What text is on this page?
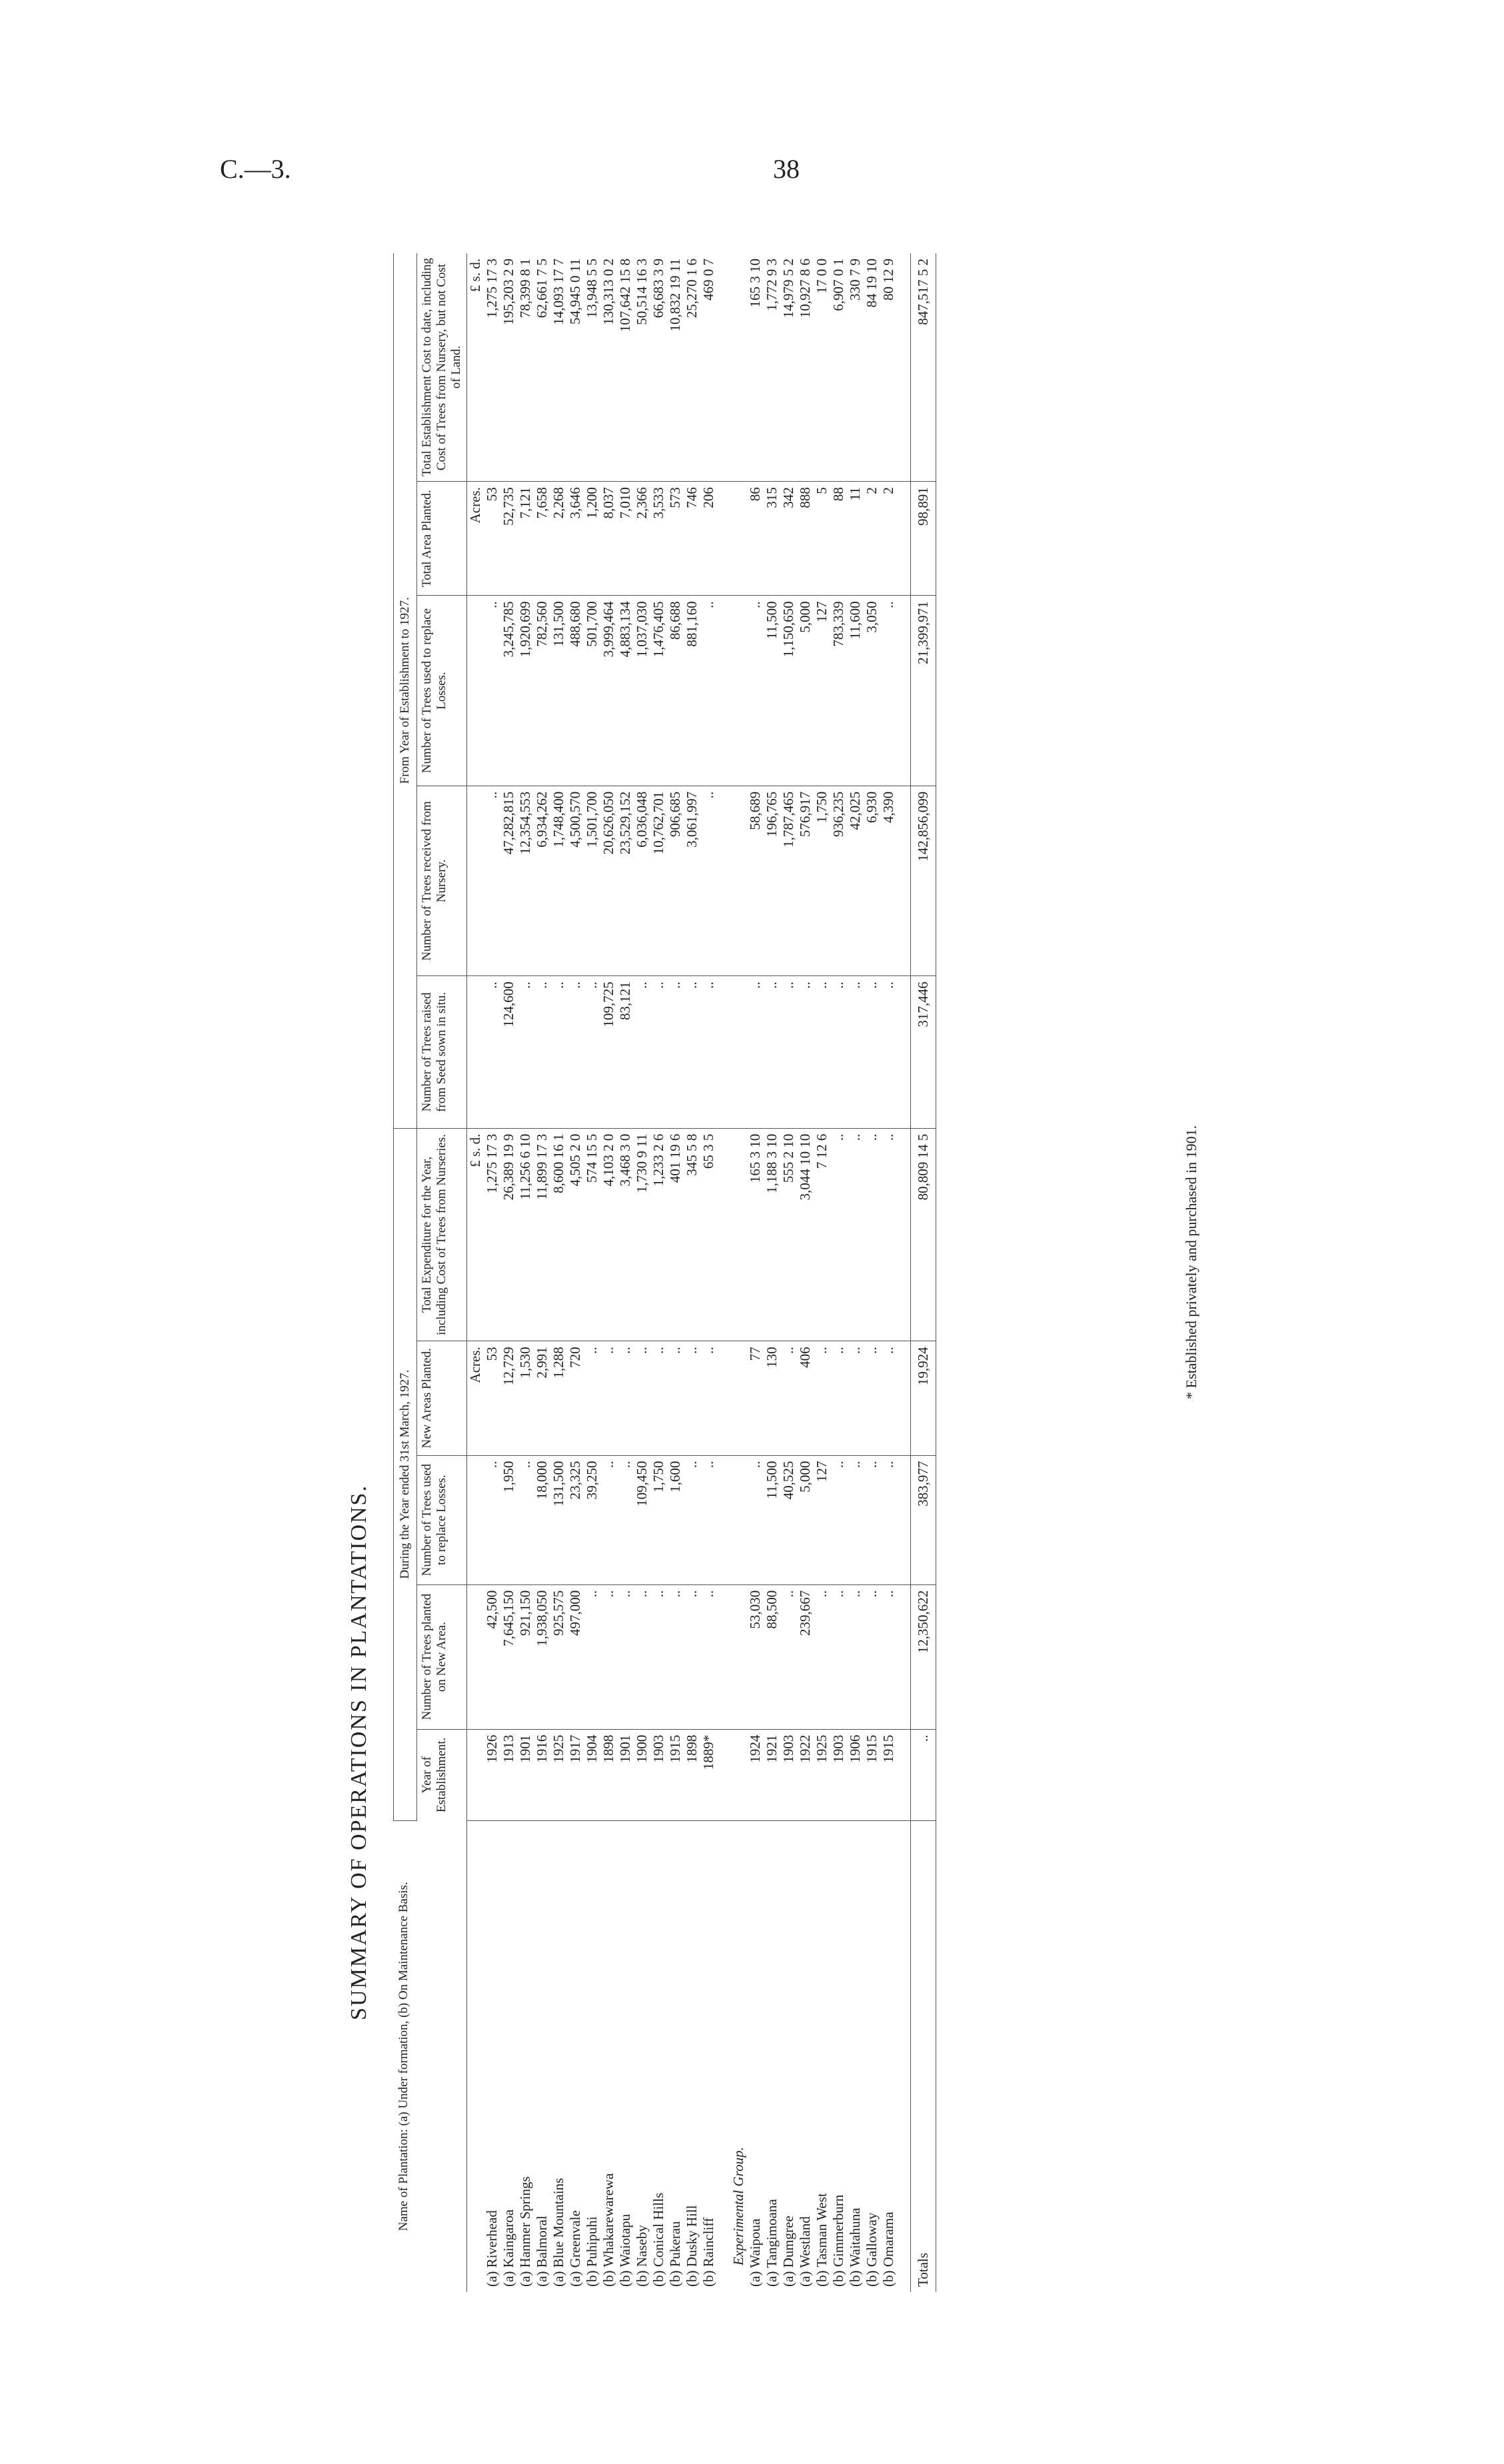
C.—3.	38
SUMMARY OF OPERATIONS IN PLANTATIONS.
Name of Plantation: (a) Under formation, (b) On Maintenance Basis.	During the Year ended 31st March, 1927.					From Year of Establishment to 1927.				
	Year of Establishment.	Number of Trees planted on New Area.	Number of Trees used to replace Losses.	New Areas Planted.	Total Expenditure for the Year, including Cost of Trees from Nurseries.	Number of Trees raised from Seed sown in situ.	Number of Trees received from Nursery.	Number of Trees used to replace Losses.	Total Area Planted.	Total Establishment Cost to date, including Cost of Trees from Nursery, but not Cost of Land.
				Acres.	£ s. d.				Acres.	£ s. d.
(a) Riverhead	1926	42,500	..	53	1,275 17 3	..	..	..	53	1,275 17 3
(a) Kaingaroa	1913	7,645,150	1,950	12,729	26,389 19 9	124,600	47,282,815	3,245,785	52,735	195,203 2 9
(a) Hanmer Springs	1901	921,150	..	1,530	11,256 6 10	..	12,354,553	1,920,699	7,121	78,399 8 1
(a) Balmoral	1916	1,938,050	18,000	2,991	11,899 17 3	..	6,934,262	782,560	7,658	62,661 7 5
(a) Blue Mountains	1925	925,575	131,500	1,288	8,600 16 1	..	1,748,400	131,500	2,268	14,093 17 7
(a) Greenvale	1917	497,000	23,325	720	4,505 2 0	..	4,500,570	488,680	3,646	54,945 0 11
(b) Puhipuhi	1904	..	39,250	..	574 15 5	..	1,501,700	501,700	1,200	13,948 5 5
(b) Whakarewarewa	1898	..	..	..	4,103 2 0	109,725	20,626,050	3,999,464	8,037	130,313 0 2
(b) Waiotapu	1901	..	..	..	3,468 3 0	83,121	23,529,152	4,883,134	7,010	107,642 15 8
(b) Naseby	1900	..	109,450	..	1,730 9 11	..	6,036,048	1,037,030	2,366	50,514 16 3
(b) Conical Hills	1903	..	1,750	..	1,233 2 6	..	10,762,701	1,476,405	3,533	66,683 3 9
(b) Pukerau	1915	..	1,600	..	401 19 6	..	906,685	86,688	573	10,832 19 11
(b) Dusky Hill	1898	..	..	..	345 5 8	..	3,061,997	881,160	746	25,270 1 6
(b) Raincliff	1889*	..	..	..	65 3 5	..	..	..	206	469 0 7

Experimental Group.										
(a) Waipoua	1924	53,030	..	77	165 3 10	..	58,689	..	86	165 3 10
(a) Tangimoana	1921	88,500	11,500	130	1,188 3 10	..	196,765	11,500	315	1,772 9 3
(a) Dumgree	1903	..	40,525	..	555 2 10	..	1,787,465	1,150,650	342	14,979 5 2
(a) Westland	1922	239,667	5,000	406	3,044 10 10	..	576,917	5,000	888	10,927 8 6
(b) Tasman West	1925	..	127	..	7 12 6	..	1,750	127	5	17 0 0
(b) Gimmerburn	1903	..	..	..	..	..	936,235	783,339	88	6,907 0 1
(b) Waitahuna	1906	..	..	..	..	..	42,025	11,600	11	330 7 9
(b) Galloway	1915	..	..	..	..	..	6,930	3,050	2	84 19 10
(b) Omarama	1915	..	..	..	..	..	4,390	..	2	80 12 9

Totals	..	12,350,622	383,977	19,924	80,809 14 5	317,446	142,856,099	21,399,971	98,891	847,517 5 2
* Established privately and purchased in 1901.
